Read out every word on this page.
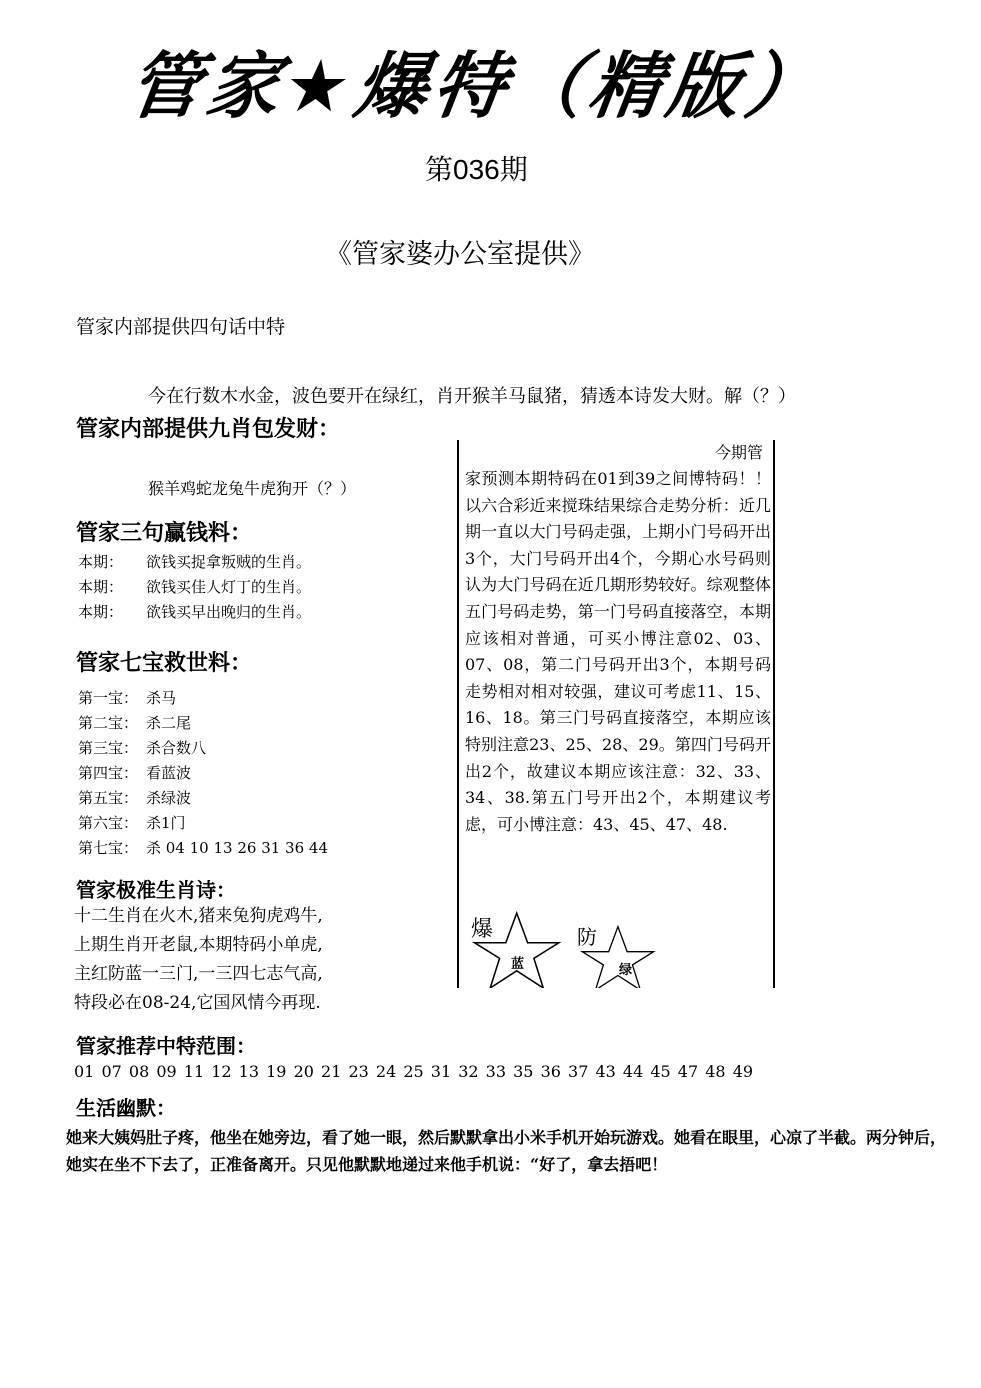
管家★爆特（精版）
第036期
《管家婆办公室提供》
管家内部提供四句话中特
今在行数木水金，波色要开在绿红，肖开猴羊马鼠猪，猜透本诗发大财。解（？）
管家内部提供九肖包发财：
猴羊鸡蛇龙兔牛虎狗开（？）
管家三句赢钱料：
本期： 欲钱买捉拿叛贼的生肖。
本期： 欲钱买佳人灯丁的生肖。
本期： 欲钱买早出晚归的生肖。
管家七宝救世料：
第一宝： 杀马
第二宝： 杀二尾
第三宝： 杀合数八
第四宝： 看蓝波
第五宝： 杀绿波
第六宝： 杀1门
第七宝： 杀 04 10 13 26 31 36 44
管家极准生肖诗：
十二生肖在火木,猪来兔狗虎鸡牛,
上期生肖开老鼠,本期特码小单虎,
主红防蓝一三门,一三四七志气高,
特段必在08-24,它国风情今再现.
今期管
家预测本期特码在01到39之间博特码！！　　以六合彩近来搅珠结果综合走势分析：近几期一直以大门号码走强，上期小门号码开出3个，大门号码开出4个，今期心水号码则认为大门号码在近几期形势较好。综观整体五门号码走势，第一门号码直接落空，本期应该相对普通，可买小博注意02、03、07、08，第二门号码开出3个，本期号码走势相对相对较强，建议可考虑11、15、16、18。第三门号码直接落空，本期应该特别注意23、25、28、29。第四门号码开出2个，故建议本期应该注意：32、33、34、38.第五门号开出2个，本期建议考虑，可小博注意：43、45、47、48.
爆
蓝
防
绿
管家推荐中特范围：
01 07 08 09 11 12 13 19 20 21 23 24 25 31 32 33 35 36 37 43 44 45 47 48 49
生活幽默：
她来大姨妈肚子疼，他坐在她旁边，看了她一眼，然后默默拿出小米手机开始玩游戏。她看在眼里，心凉了半截。两分钟后，她实在坐不下去了，正准备离开。只见他默默地递过来他手机说：“好了，拿去捂吧！
